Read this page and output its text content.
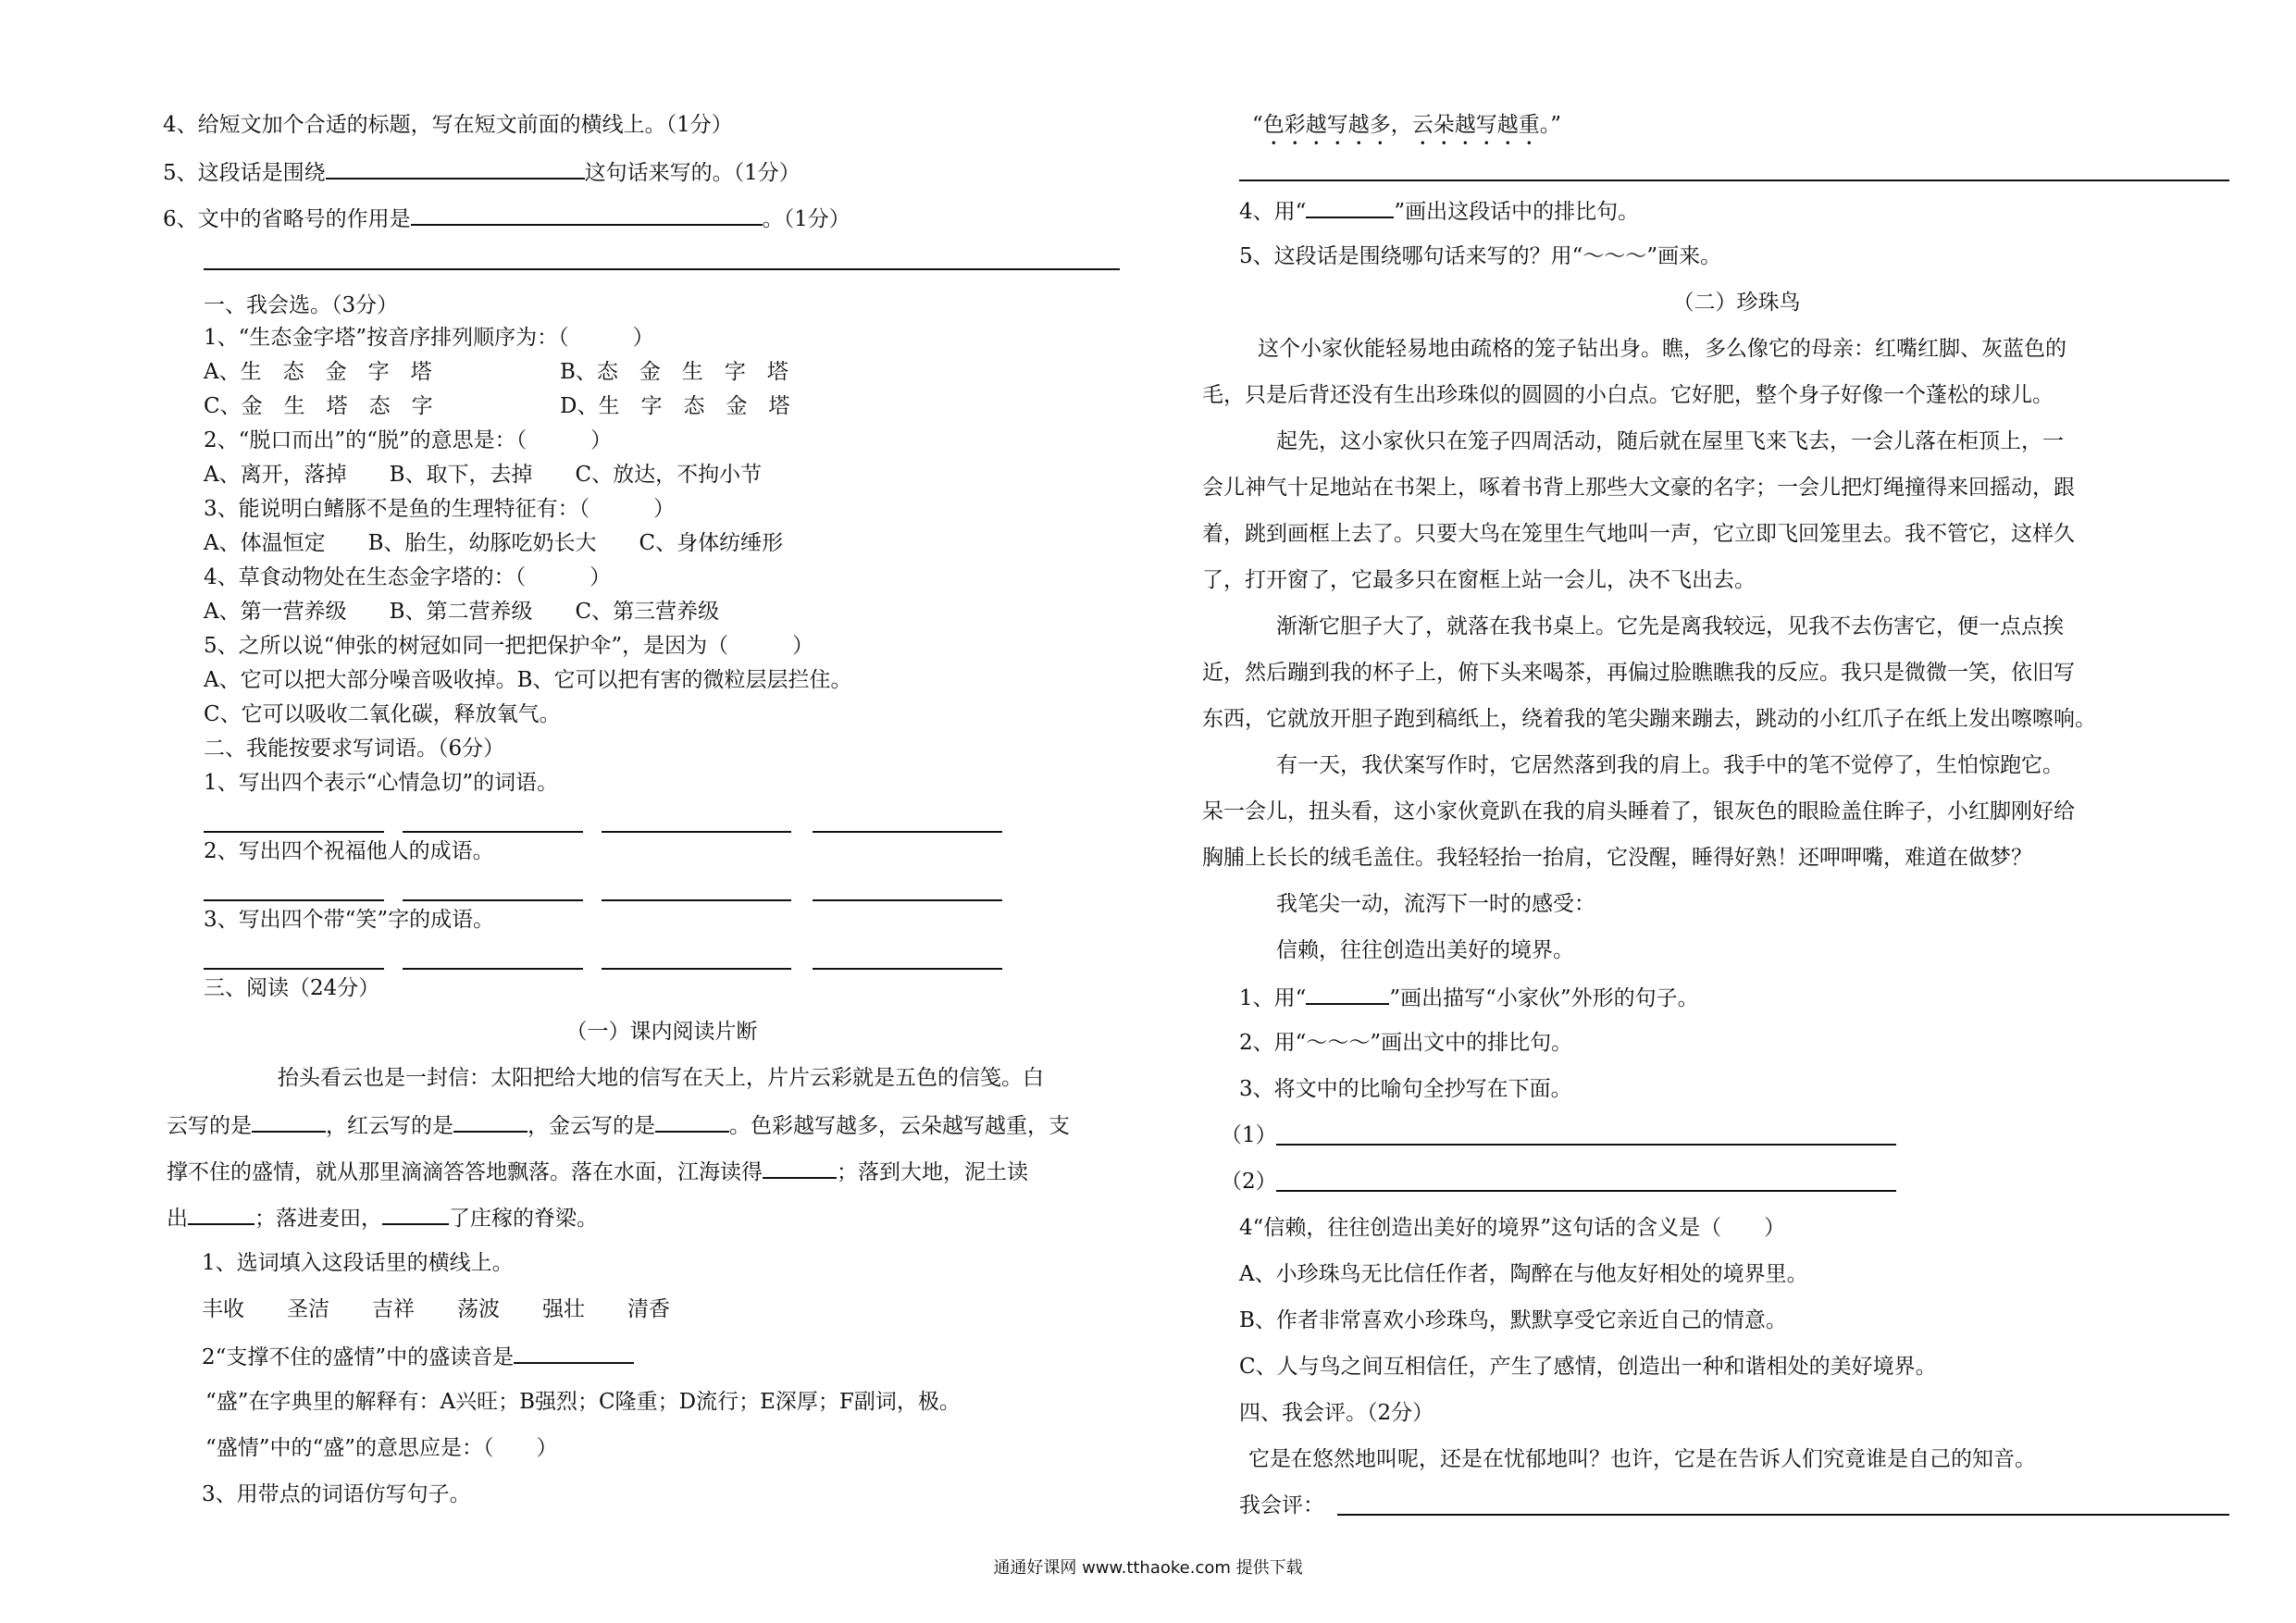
4、给短文加个合适的标题，写在短文前面的横线上。（1分）
5、这段话是围绕	这句话来写的。（1分）
6、文中的省略号的作用是	。（1分）
一、我会选。（3分）
1、“生态金字塔”按音序排列顺序为：（　　　）
A、生　态　金　字　塔	B、态　金　生　字　塔
C、金　生　塔　态　字	D、生　字　态　金　塔
2、“脱口而出”的“脱”的意思是：（　　　）
A、离开，落掉　　B、取下，去掉　　C、放达，不拘小节
3、能说明白鳍豚不是鱼的生理特征有：（　　　）
A、体温恒定　　B、胎生，幼豚吃奶长大　　C、身体纺缍形
4、草食动物处在生态金字塔的：（　　　）
A、第一营养级　　B、第二营养级　　C、第三营养级
5、之所以说“伸张的树冠如同一把把保护伞”，是因为（　　　）
A、它可以把大部分噪音吸收掉。B、它可以把有害的微粒层层拦住。
C、它可以吸收二氧化碳，释放氧气。
二、我能按要求写词语。（6分）
1、写出四个表示“心情急切”的词语。
2、写出四个祝福他人的成语。
3、写出四个带“笑”字的成语。
三、阅读（24分）
（一）课内阅读片断
抬头看云也是一封信：太阳把给大地的信写在天上，片片云彩就是五色的信笺。白
云写的是	，红云写的是	，金云写的是	。色彩越写越多，云朵越写越重，支
撑不住的盛情，就从那里滴滴答答地飘落。落在水面，江海读得	；落到大地，泥土读
出	；落进麦田，	了庄稼的脊梁。
1、选词填入这段话里的横线上。
丰收　　圣洁　　吉祥　　荡波　　强壮　　清香
2“支撑不住的盛情”中的盛读音是
“盛”在字典里的解释有：A兴旺；B强烈；C隆重；D流行；E深厚；F副词，极。
“盛情”中的“盛”的意思应是：（　　）
3、用带点的词语仿写句子。
“色彩越写越多，云朵越写越重。”
4、用“	”画出这段话中的排比句。
5、这段话是围绕哪句话来写的？用“～～～”画来。
（二）珍珠鸟
这个小家伙能轻易地由疏格的笼子钻出身。瞧，多么像它的母亲：红嘴红脚、灰蓝色的
毛，只是后背还没有生出珍珠似的圆圆的小白点。它好肥，整个身子好像一个蓬松的球儿。
起先，这小家伙只在笼子四周活动，随后就在屋里飞来飞去，一会儿落在柜顶上，一
会儿神气十足地站在书架上，啄着书背上那些大文豪的名字；一会儿把灯绳撞得来回摇动，跟
着，跳到画框上去了。只要大鸟在笼里生气地叫一声，它立即飞回笼里去。我不管它，这样久
了，打开窗了，它最多只在窗框上站一会儿，决不飞出去。
渐渐它胆子大了，就落在我书桌上。它先是离我较远，见我不去伤害它，便一点点挨
近，然后蹦到我的杯子上，俯下头来喝茶，再偏过脸瞧瞧我的反应。我只是微微一笑，依旧写
东西，它就放开胆子跑到稿纸上，绕着我的笔尖蹦来蹦去，跳动的小红爪子在纸上发出嚓嚓响。
有一天，我伏案写作时，它居然落到我的肩上。我手中的笔不觉停了，生怕惊跑它。
呆一会儿，扭头看，这小家伙竟趴在我的肩头睡着了，银灰色的眼睑盖住眸子，小红脚刚好给
胸脯上长长的绒毛盖住。我轻轻抬一抬肩，它没醒，睡得好熟！还呷呷嘴，难道在做梦？
我笔尖一动，流泻下一时的感受：
信赖，往往创造出美好的境界。
1、用“	”画出描写“小家伙”外形的句子。
2、用“～～～”画出文中的排比句。
3、将文中的比喻句全抄写在下面。
（1）
（2）
4“信赖，往往创造出美好的境界”这句话的含义是（　　）
A、小珍珠鸟无比信任作者，陶醉在与他友好相处的境界里。
B、作者非常喜欢小珍珠鸟，默默享受它亲近自己的情意。
C、人与鸟之间互相信任，产生了感情，创造出一种和谐相处的美好境界。
四、我会评。（2分）
它是在悠然地叫呢，还是在忧郁地叫？也许，它是在告诉人们究竟谁是自己的知音。
我会评：
通通好课网 www.tthaoke.com 提供下载
